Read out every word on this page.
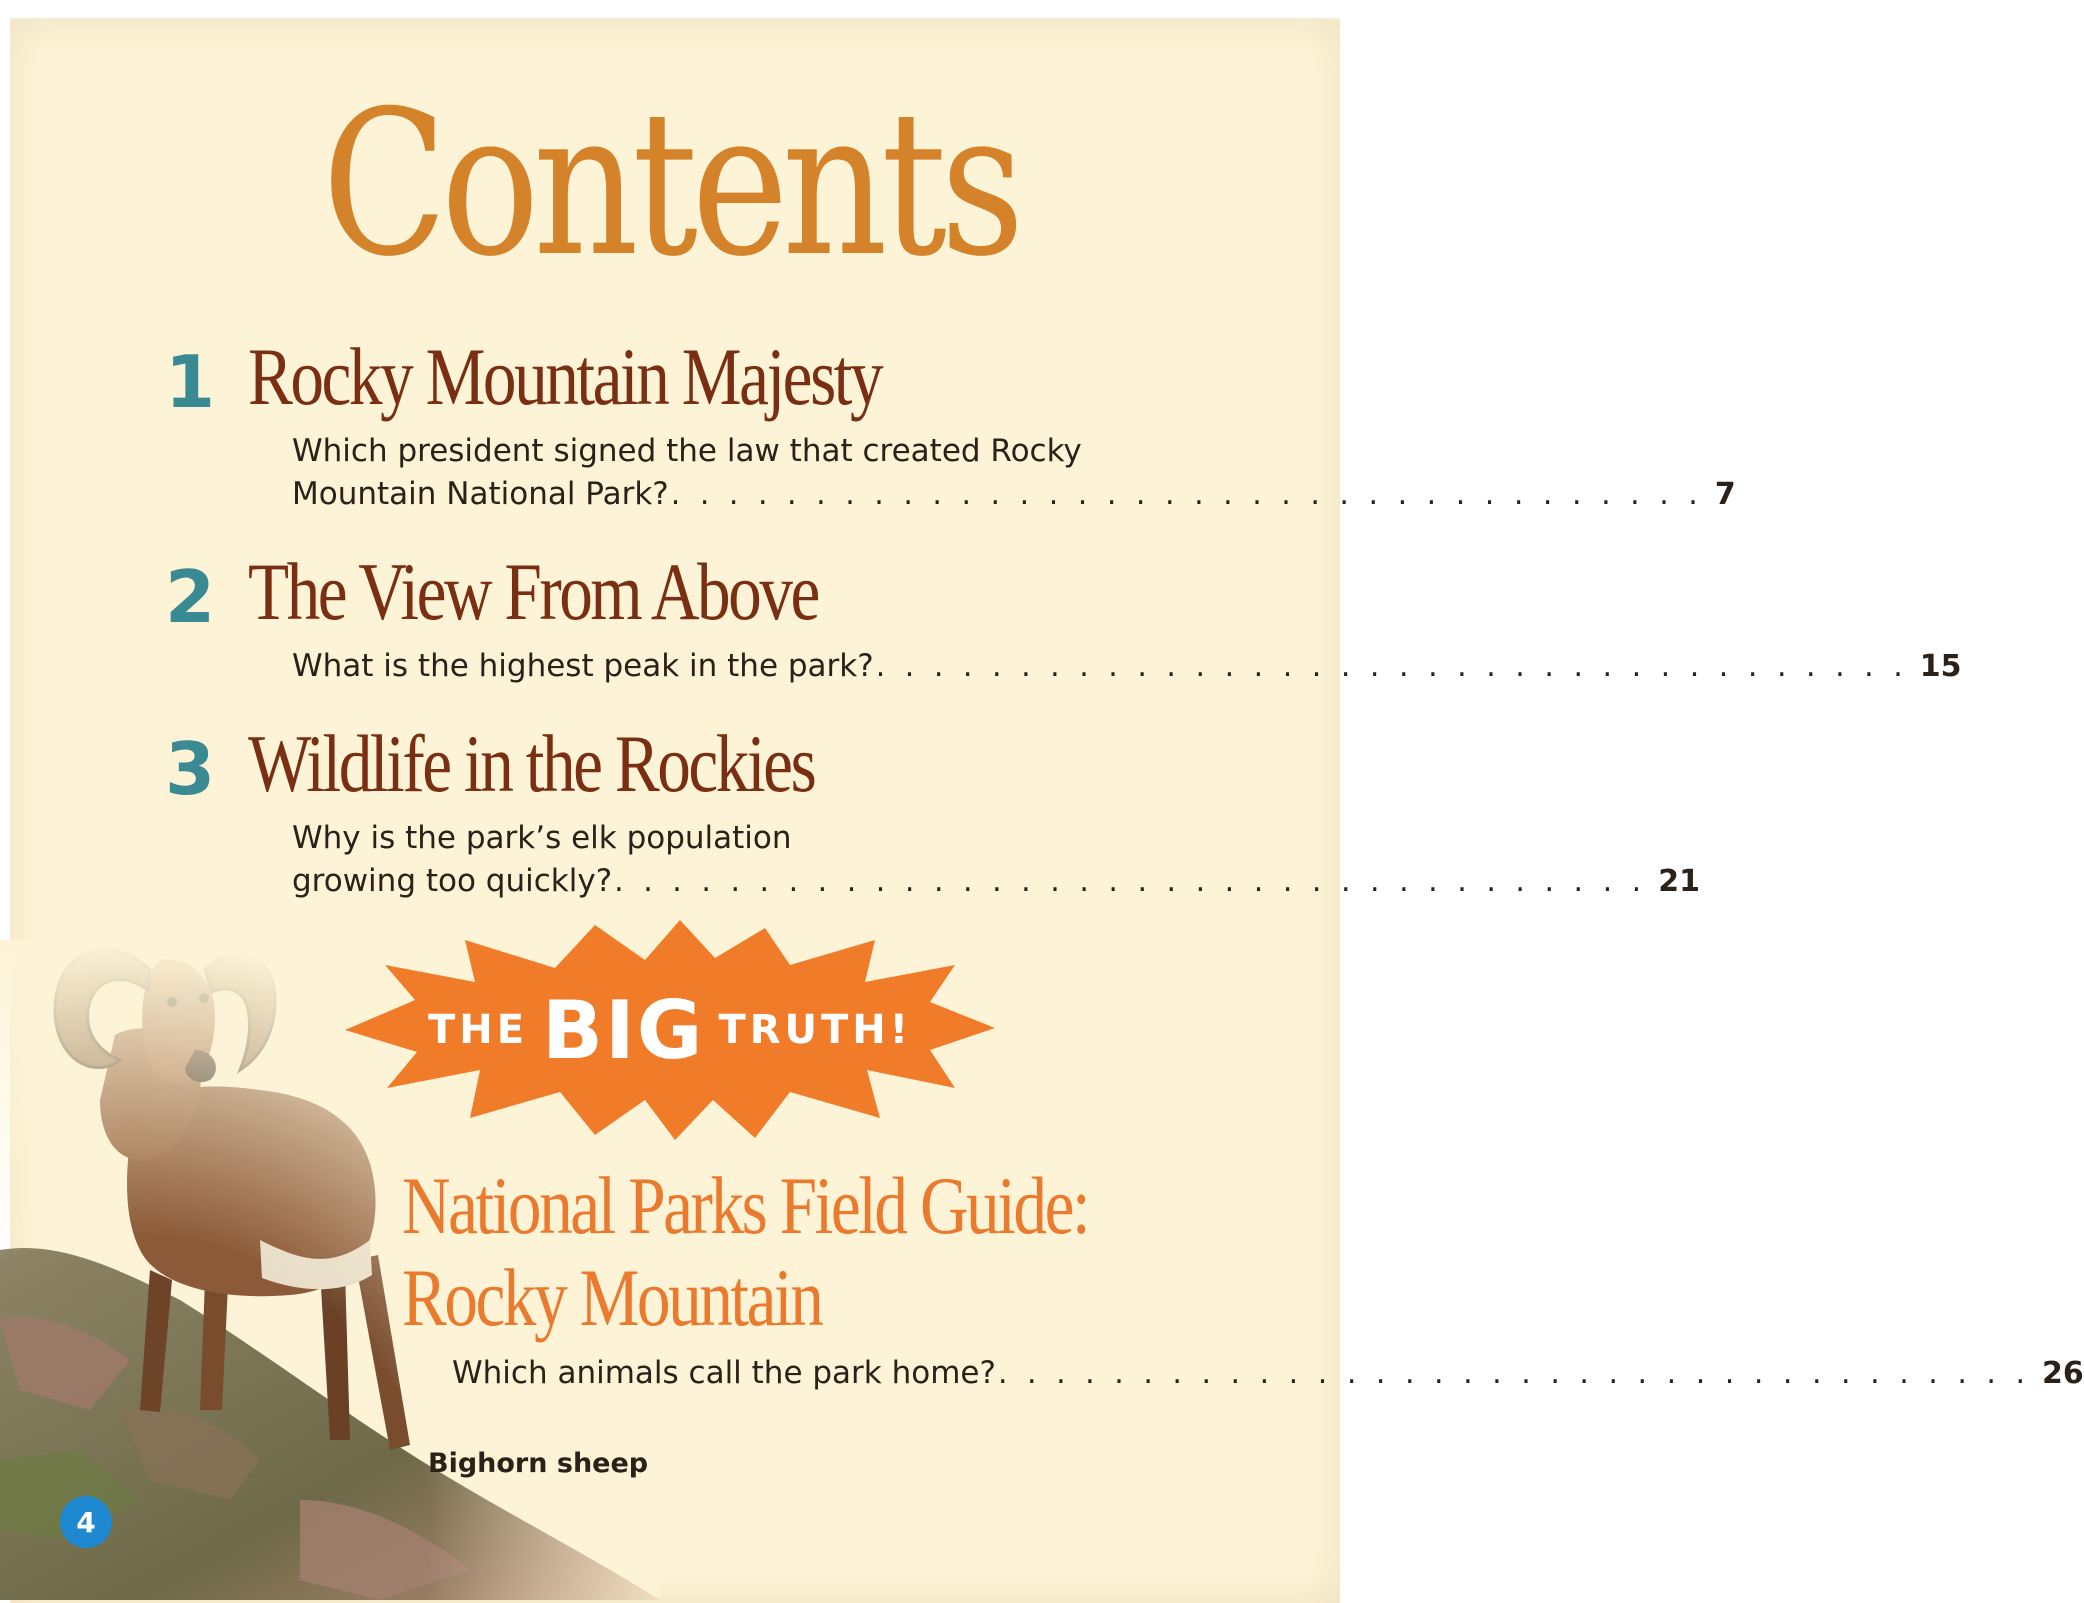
Contents
1 Rocky Mountain Majesty
Which president signed the law that created Rocky
Mountain National Park? . . . . . . . . . . . . . . . . . . . . . . . . . . . . . . . . . . . . 7
2 The View From Above
What is the highest peak in the park? . . . . . . . . . . . . . . . . . . . . . . . . . . . . . . . . . . . . 15
3 Wildlife in the Rockies
Why is the park’s elk population
growing too quickly? . . . . . . . . . . . . . . . . . . . . . . . . . . . . . . . . . . . . 21
THE BIG TRUTH!
National Parks Field Guide:
Rocky Mountain
Which animals call the park home? . . . . . . . . . . . . . . . . . . . . . . . . . . . . . . . . . . . . 26
Bighorn sheep
4
